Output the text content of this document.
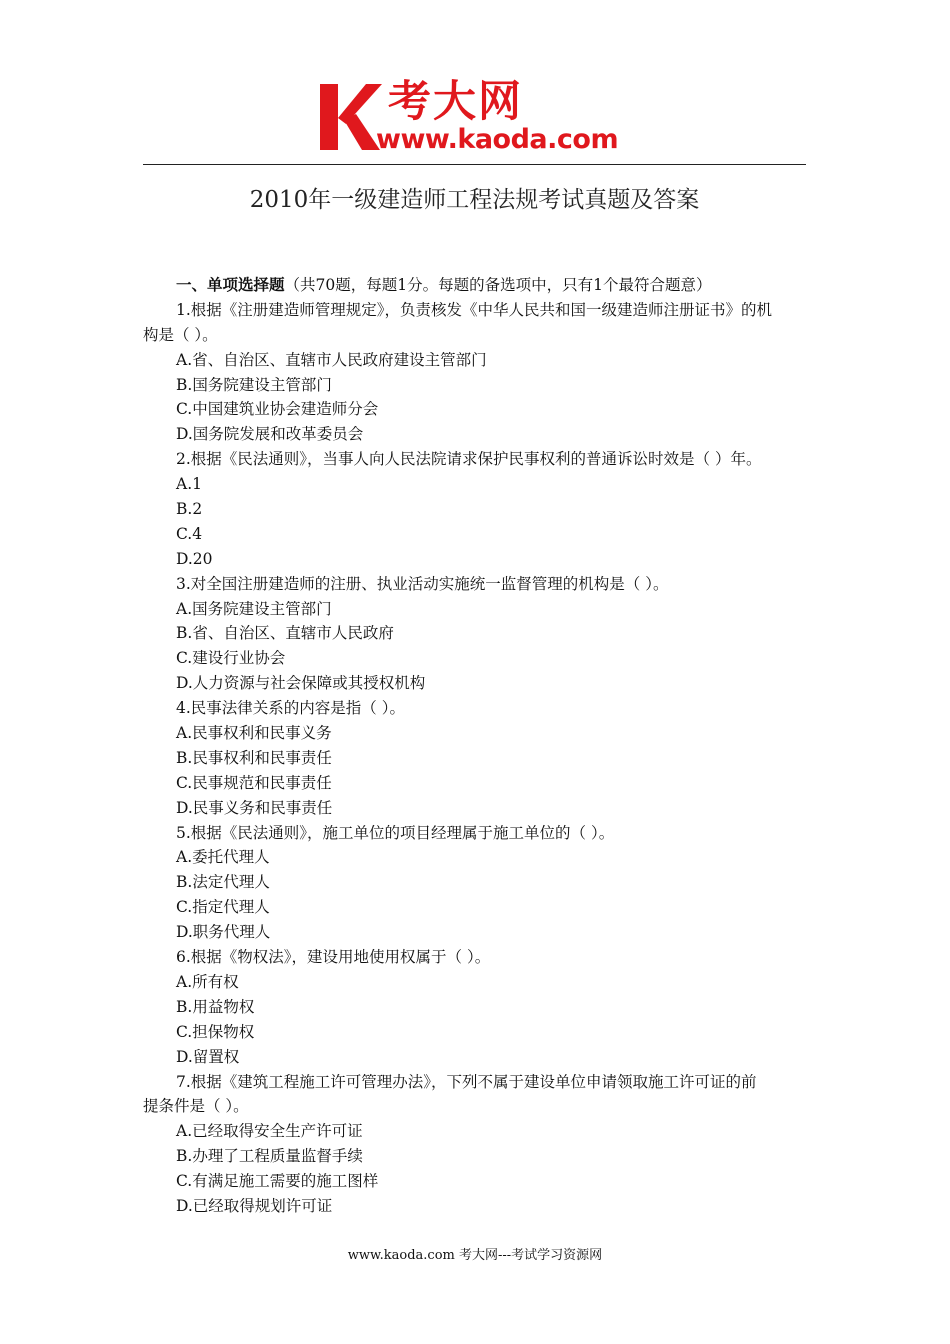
考大网
www.kaoda.com
2010年一级建造师工程法规考试真题及答案
一、单项选择题（共70题，每题1分。每题的备选项中，只有1个最符合题意）
1.根据《注册建造师管理规定》，负责核发《中华人民共和国一级建造师注册证书》的机
构是（ ）。
A.省、自治区、直辖市人民政府建设主管部门
B.国务院建设主管部门
C.中国建筑业协会建造师分会
D.国务院发展和改革委员会
2.根据《民法通则》，当事人向人民法院请求保护民事权利的普通诉讼时效是（ ）年。
A.1
B.2
C.4
D.20
3.对全国注册建造师的注册、执业活动实施统一监督管理的机构是（ ）。
A.国务院建设主管部门
B.省、自治区、直辖市人民政府
C.建设行业协会
D.人力资源与社会保障或其授权机构
4.民事法律关系的内容是指（ ）。
A.民事权利和民事义务
B.民事权利和民事责任
C.民事规范和民事责任
D.民事义务和民事责任
5.根据《民法通则》，施工单位的项目经理属于施工单位的（ ）。
A.委托代理人
B.法定代理人
C.指定代理人
D.职务代理人
6.根据《物权法》，建设用地使用权属于（ ）。
A.所有权
B.用益物权
C.担保物权
D.留置权
7.根据《建筑工程施工许可管理办法》，下列不属于建设单位申请领取施工许可证的前
提条件是（ ）。
A.已经取得安全生产许可证
B.办理了工程质量监督手续
C.有满足施工需要的施工图样
D.已经取得规划许可证
www.kaoda.com 考大网---考试学习资源网
